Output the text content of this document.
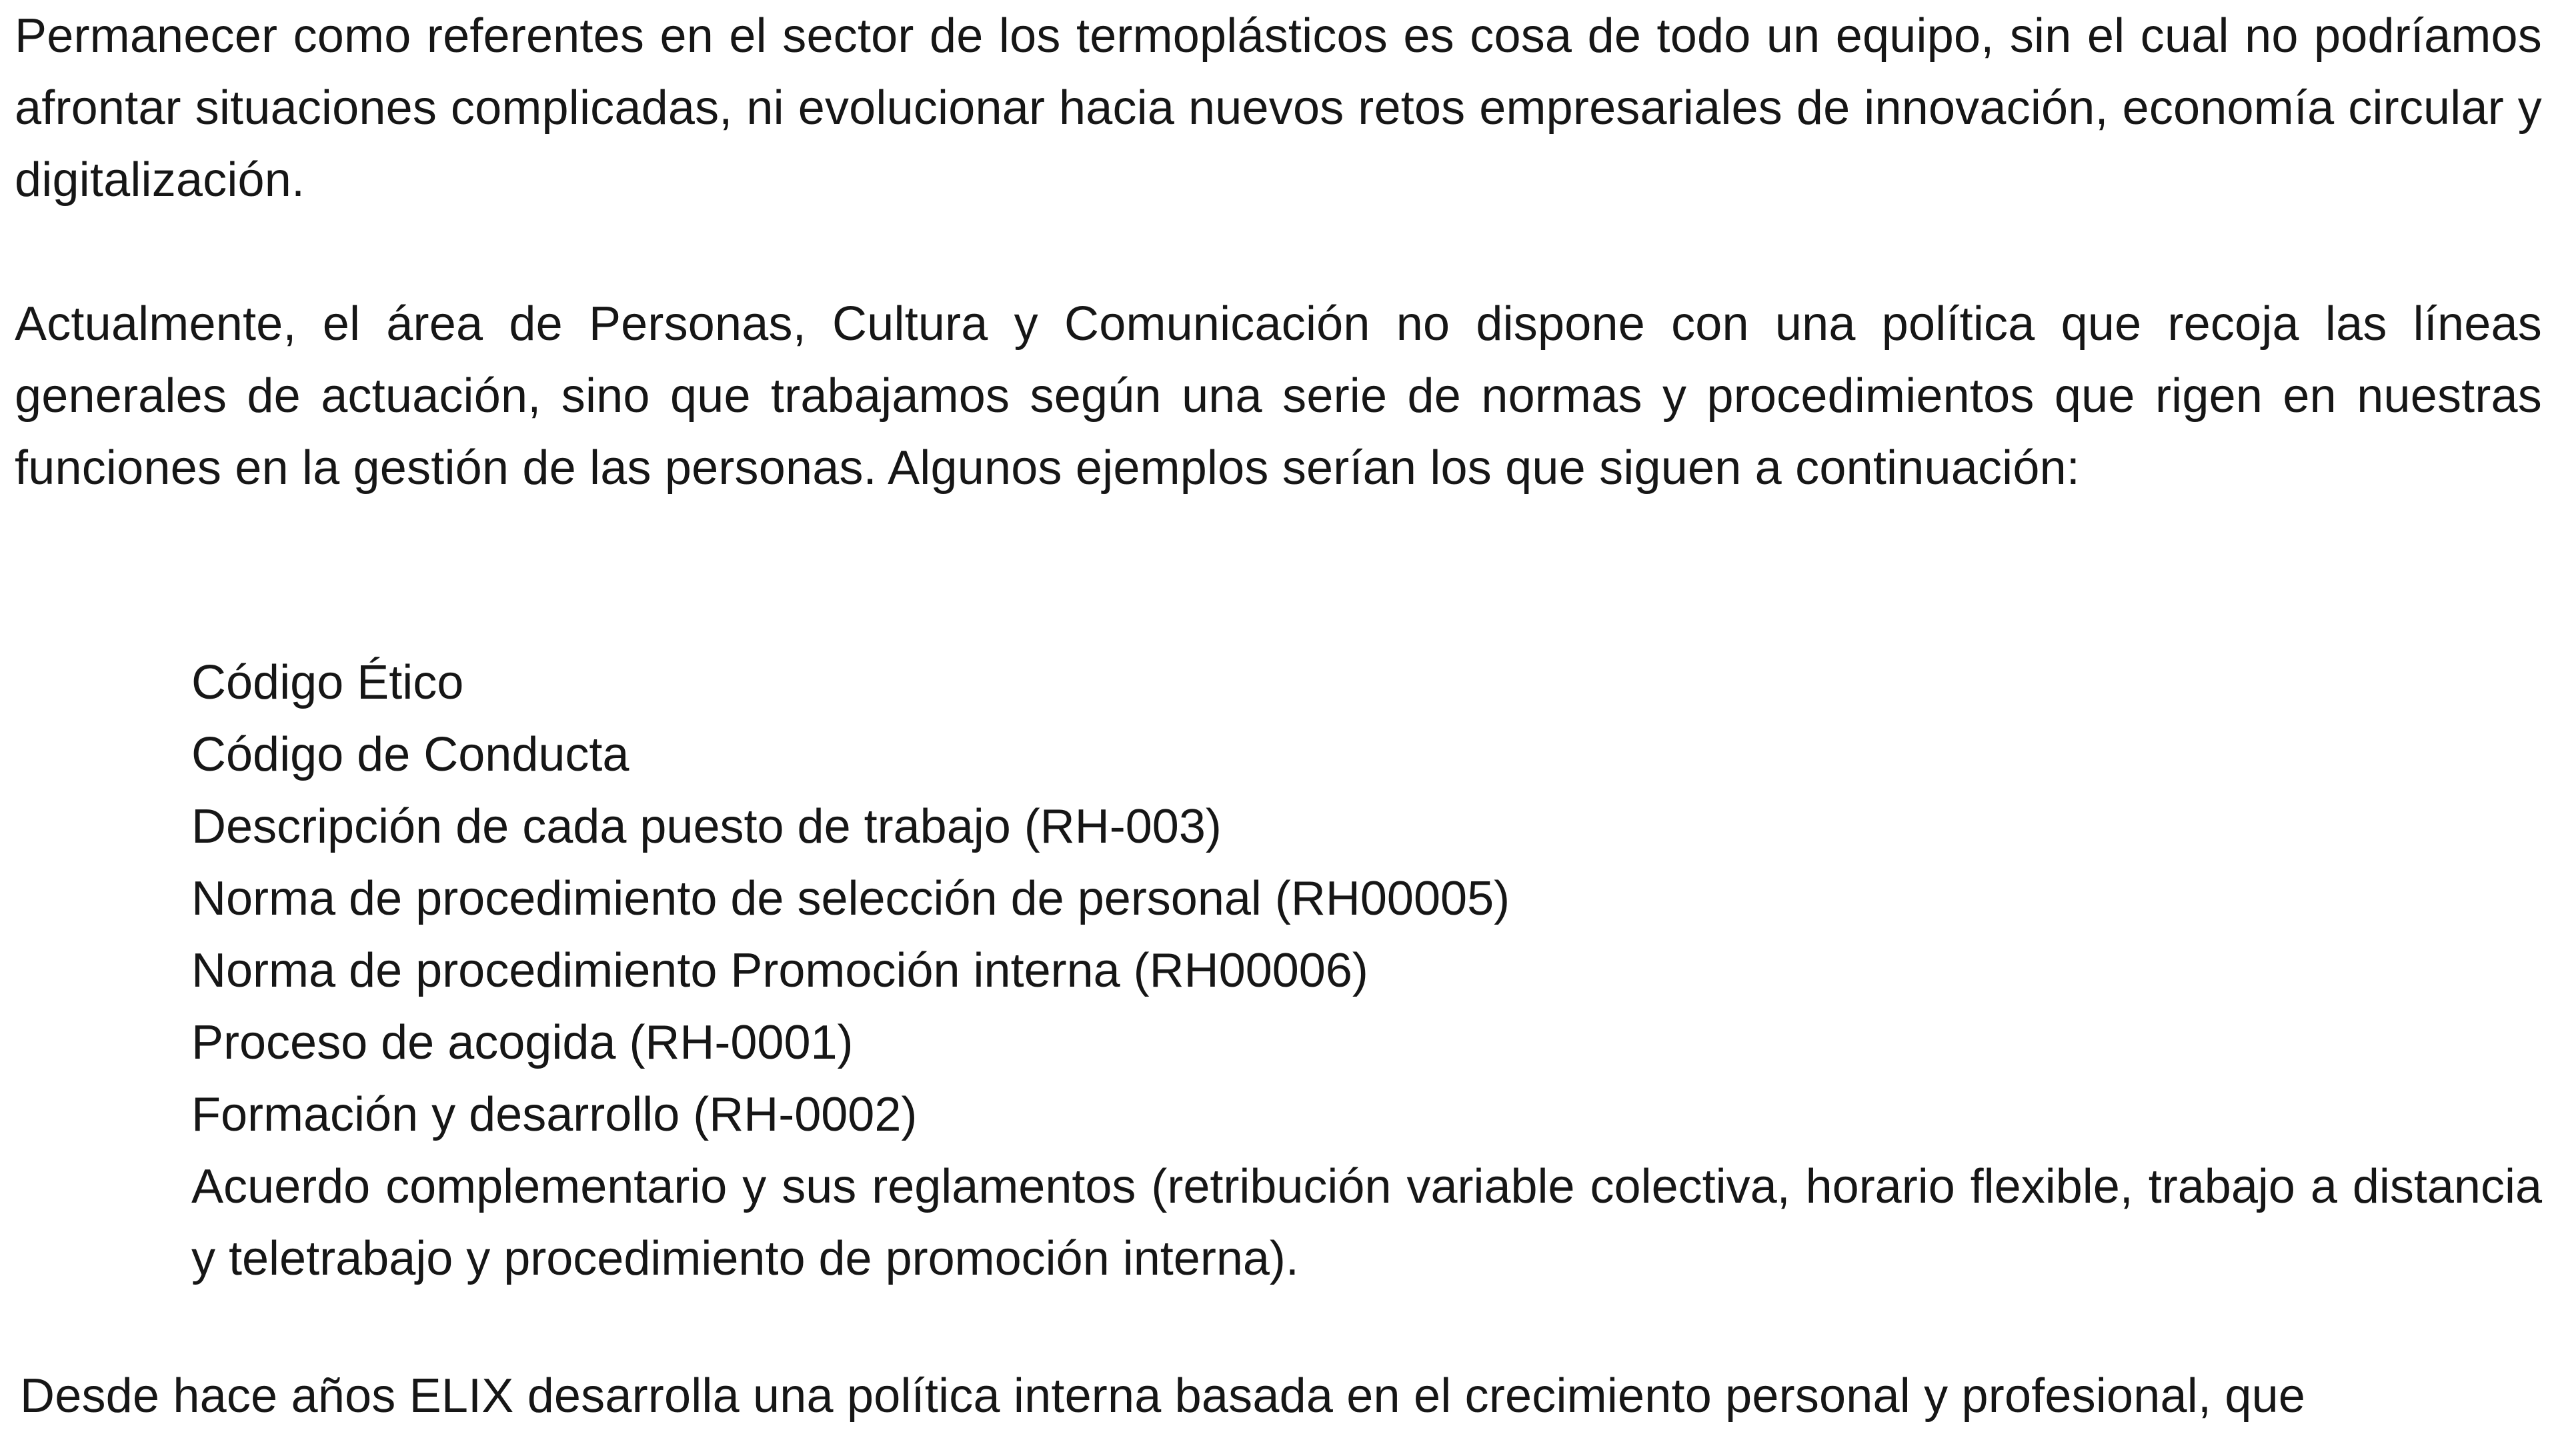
Permanecer como referentes en el sector de los termoplásticos es cosa de todo un equipo, sin el cual no podríamos afrontar situaciones complicadas, ni evolucionar hacia nuevos retos empresariales de innovación, economía circular y digitalización.

Actualmente, el área de Personas, Cultura y Comunicación no dispone con una política que recoja las líneas generales de actuación, sino que trabajamos según una serie de normas y procedimientos que rigen en nuestras funciones en la gestión de las personas. Algunos ejemplos serían los que siguen a continuación:

Código Ético
Código de Conducta
Descripción de cada puesto de trabajo (RH-003)
Norma de procedimiento de selección de personal (RH00005)
Norma de procedimiento Promoción interna (RH00006)
Proceso de acogida (RH-0001)
Formación y desarrollo (RH-0002)
Acuerdo complementario y sus reglamentos (retribución variable colectiva, horario flexible, trabajo a distancia y teletrabajo y procedimiento de promoción interna).

Desde hace años ELIX desarrolla una política interna basada en el crecimiento personal y profesional, que
